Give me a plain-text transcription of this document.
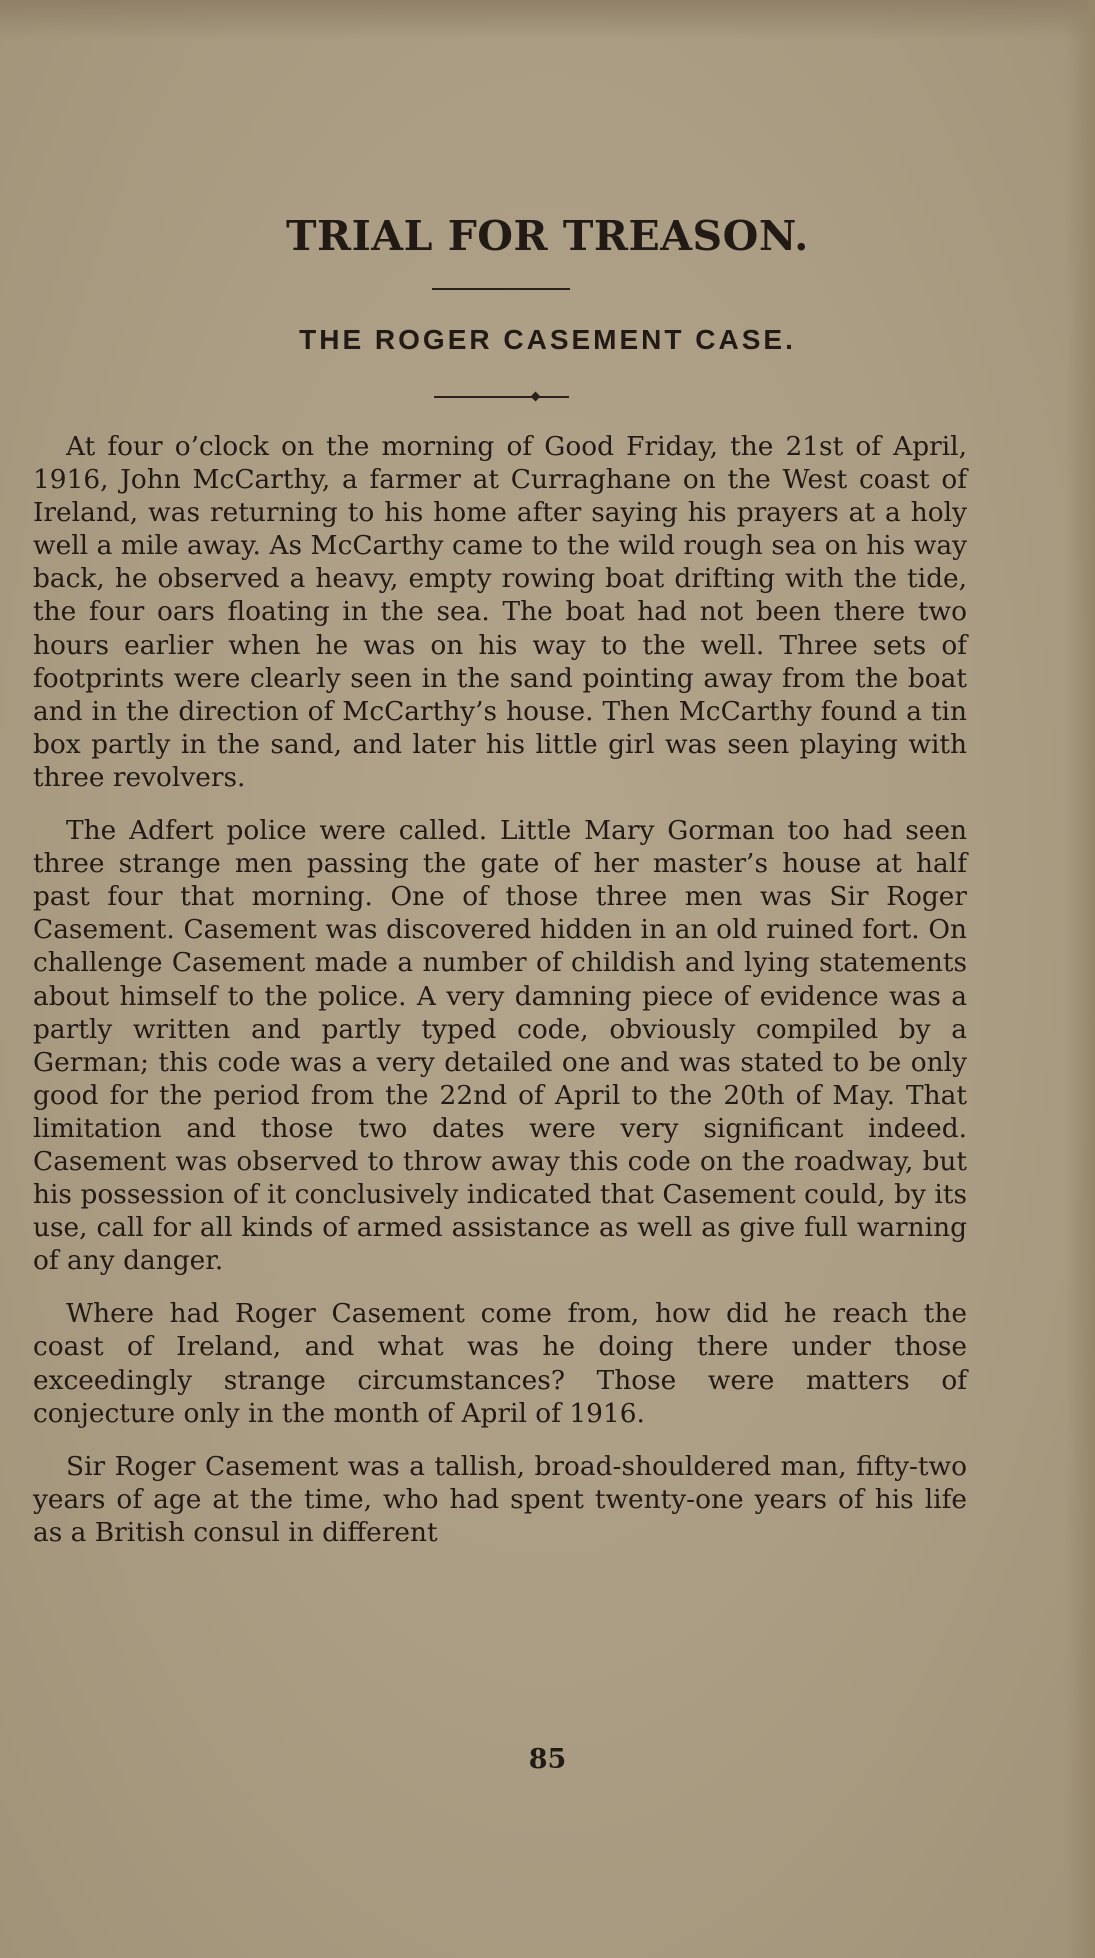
TRIAL FOR TREASON.
THE ROGER CASEMENT CASE.

At four o’clock on the morning of Good Friday, the 21st of April, 1916, John McCarthy, a farmer at Curraghane on the West coast of Ireland, was returning to his home after saying his prayers at a holy well a mile away. As McCarthy came to the wild rough sea on his way back, he observed a heavy, empty rowing boat drifting with the tide, the four oars floating in the sea. The boat had not been there two hours earlier when he was on his way to the well. Three sets of footprints were clearly seen in the sand pointing away from the boat and in the direction of McCarthy’s house. Then McCarthy found a tin box partly in the sand, and later his little girl was seen playing with three revolvers.

The Adfert police were called. Little Mary Gorman too had seen three strange men passing the gate of her master’s house at half past four that morning. One of those three men was Sir Roger Casement. Casement was discovered hidden in an old ruined fort. On challenge Casement made a number of childish and lying statements about himself to the police. A very damning piece of evidence was a partly written and partly typed code, obviously compiled by a German; this code was a very detailed one and was stated to be only good for the period from the 22nd of April to the 20th of May. That limitation and those two dates were very significant indeed. Casement was observed to throw away this code on the roadway, but his possession of it conclusively indicated that Casement could, by its use, call for all kinds of armed assistance as well as give full warning of any danger.

Where had Roger Casement come from, how did he reach the coast of Ireland, and what was he doing there under those exceedingly strange circumstances? Those were matters of conjecture only in the month of April of 1916.

Sir Roger Casement was a tallish, broad-shouldered man, fifty-two years of age at the time, who had spent twenty-one years of his life as a British consul in different

85
